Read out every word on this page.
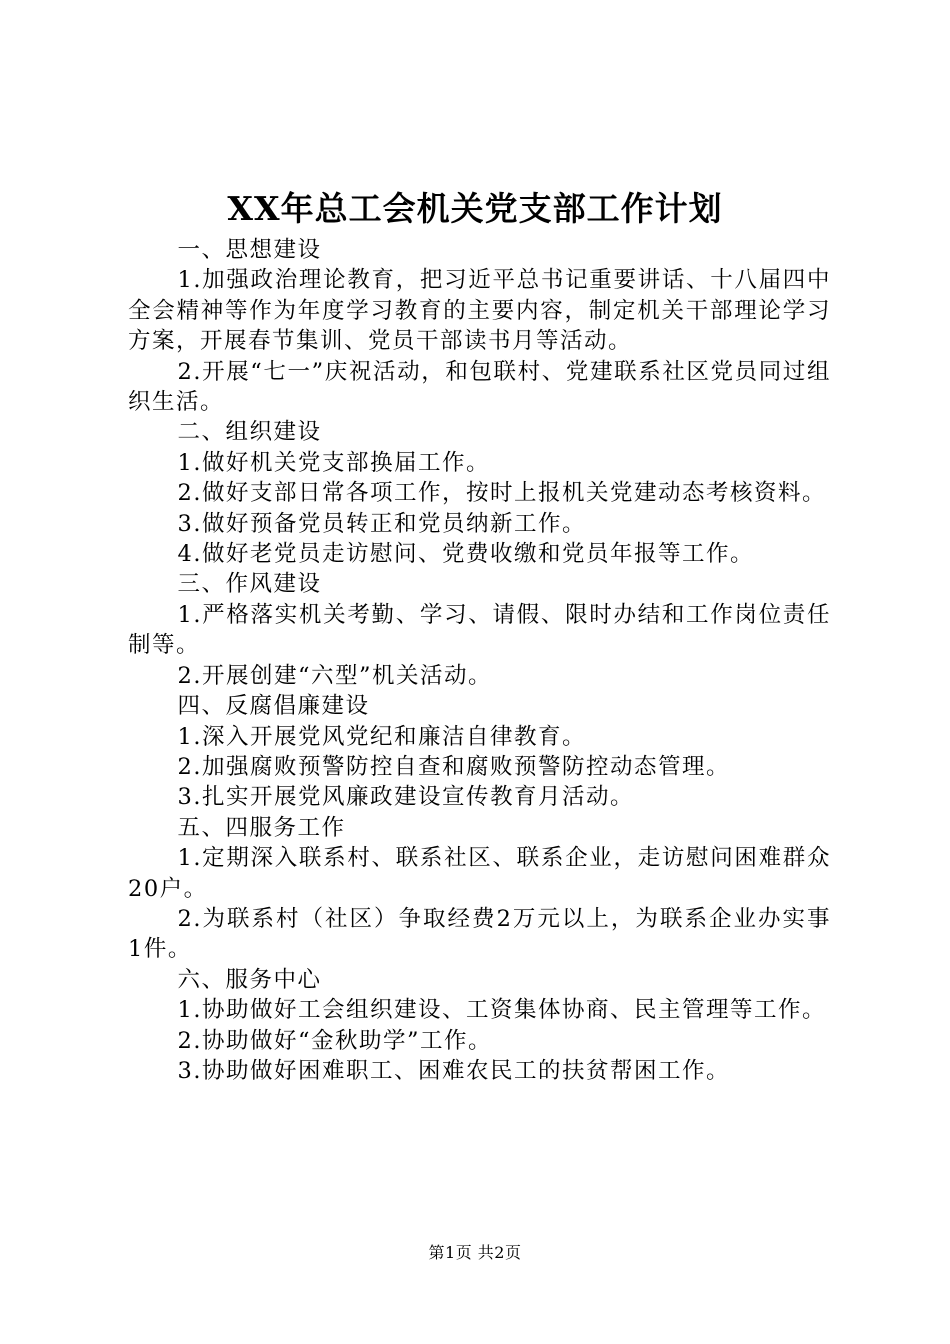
XX年总工会机关党支部工作计划

一、思想建设

1.加强政治理论教育，把习近平总书记重要讲话、十八届四中全会精神等作为年度学习教育的主要内容，制定机关干部理论学习方案，开展春节集训、党员干部读书月等活动。

2.开展“七一”庆祝活动，和包联村、党建联系社区党员同过组织生活。

二、组织建设

1.做好机关党支部换届工作。

2.做好支部日常各项工作，按时上报机关党建动态考核资料。

3.做好预备党员转正和党员纳新工作。

4.做好老党员走访慰问、党费收缴和党员年报等工作。

三、作风建设

1.严格落实机关考勤、学习、请假、限时办结和工作岗位责任制等。

2.开展创建“六型”机关活动。

四、反腐倡廉建设

1.深入开展党风党纪和廉洁自律教育。

2.加强腐败预警防控自查和腐败预警防控动态管理。

3.扎实开展党风廉政建设宣传教育月活动。

五、四服务工作

1.定期深入联系村、联系社区、联系企业，走访慰问困难群众20户。

2.为联系村（社区）争取经费2万元以上，为联系企业办实事1件。

六、服务中心

1.协助做好工会组织建设、工资集体协商、民主管理等工作。

2.协助做好“金秋助学”工作。

3.协助做好困难职工、困难农民工的扶贫帮困工作。

第1页 共2页
